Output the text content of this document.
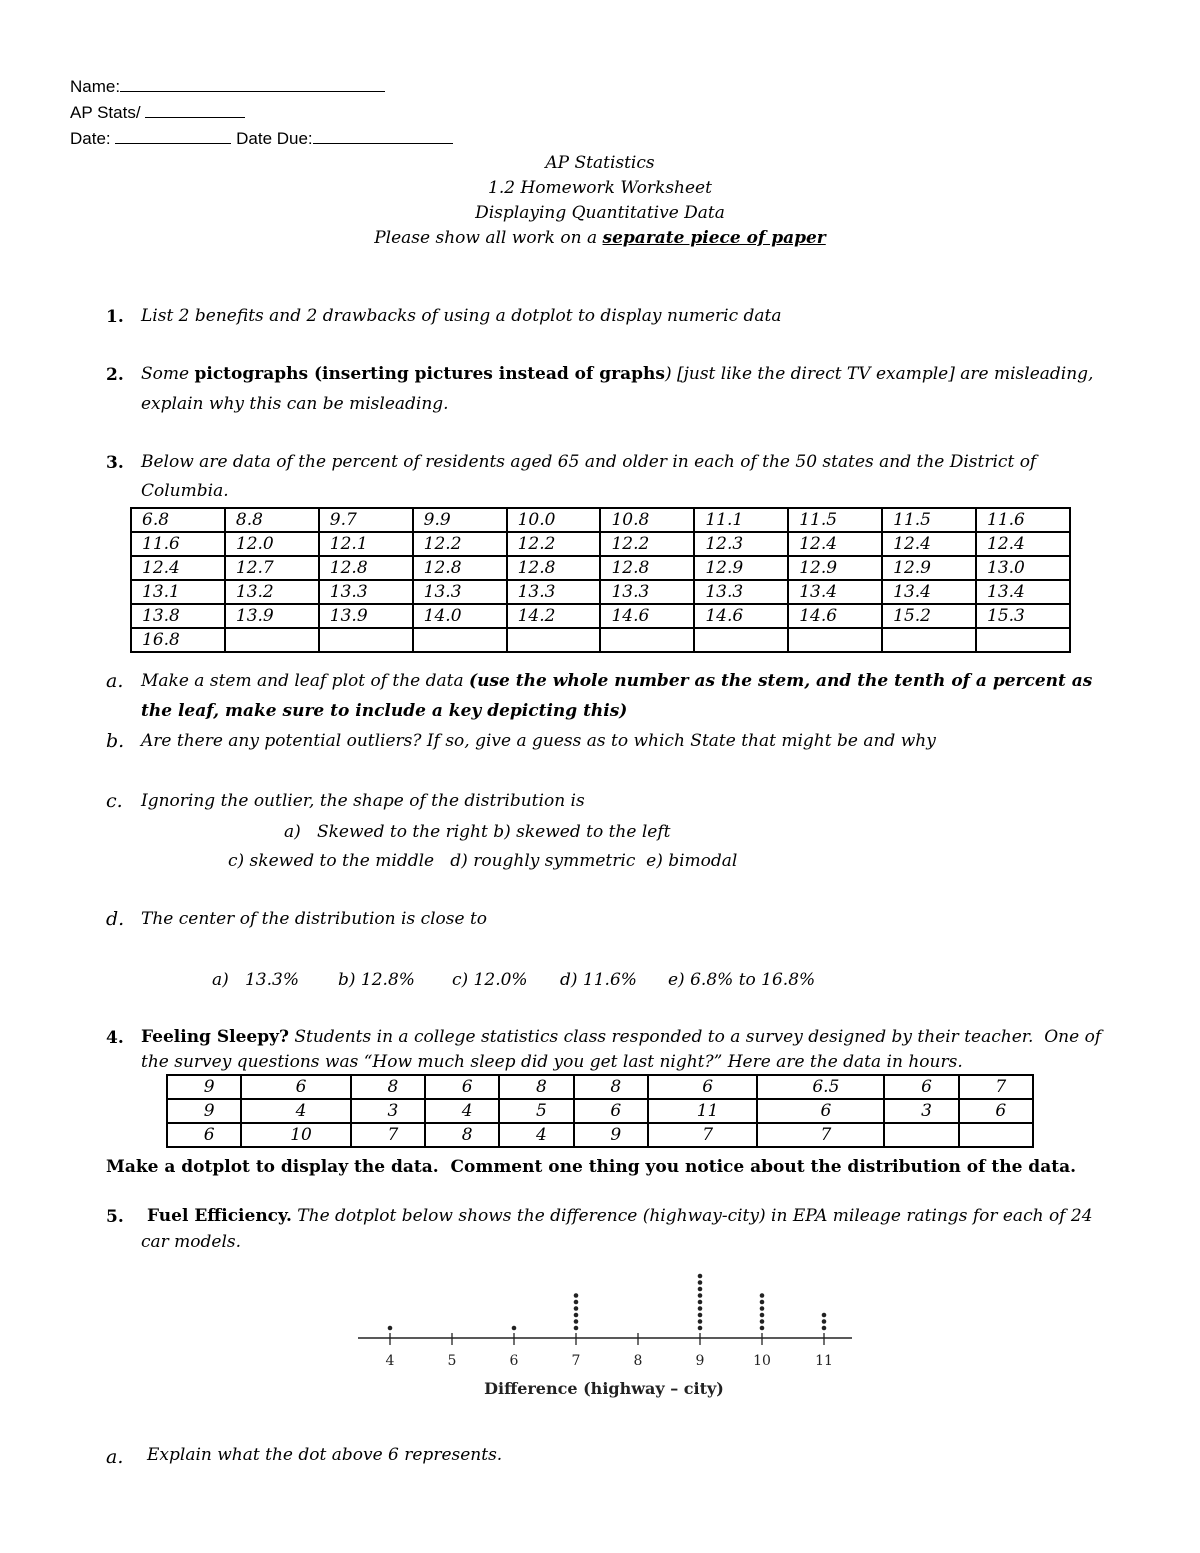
Name:
AP Stats/
Date:	Date Due:
AP Statistics
1.2 Homework Worksheet
Displaying Quantitative Data
Please show all work on a separate piece of paper
1. List 2 benefits and 2 drawbacks of using a dotplot to display numeric data
2. Some pictographs (inserting pictures instead of graphs) [just like the direct TV example] are misleading,
explain why this can be misleading.
3. Below are data of the percent of residents aged 65 and older in each of the 50 states and the District of
Columbia.
6.8	8.8	9.7	9.9	10.0	10.8	11.1	11.5	11.5	11.6
11.6	12.0	12.1	12.2	12.2	12.2	12.3	12.4	12.4	12.4
12.4	12.7	12.8	12.8	12.8	12.8	12.9	12.9	12.9	13.0
13.1	13.2	13.3	13.3	13.3	13.3	13.3	13.4	13.4	13.4
13.8	13.9	13.9	14.0	14.2	14.6	14.6	14.6	15.2	15.3
16.8									
a. Make a stem and leaf plot of the data (use the whole number as the stem, and the tenth of a percent as
the leaf, make sure to include a key depicting this)
b. Are there any potential outliers? If so, give a guess as to which State that might be and why
c. Ignoring the outlier, the shape of the distribution is
a)   Skewed to the right b) skewed to the left
c) skewed to the middle   d) roughly symmetric  e) bimodal
d. The center of the distribution is close to
a)   13.3% b) 12.8% c) 12.0% d) 11.6% e) 6.8% to 16.8%
4. Feeling Sleepy? Students in a college statistics class responded to a survey designed by their teacher.  One of
the survey questions was “How much sleep did you get last night?” Here are the data in hours.
9	6	8	6	8	8	6	6.5	6	7
9	4	3	4	5	6	11	6	3	6
6	10	7	8	4	9	7	7		
Make a dotplot to display the data.  Comment one thing you notice about the distribution of the data.
5. Fuel Efficiency. The dotplot below shows the difference (highway-city) in EPA mileage ratings for each of 24
car models.
4	5	6	7	8	9	10	11
Difference (highway – city)
a. Explain what the dot above 6 represents.
